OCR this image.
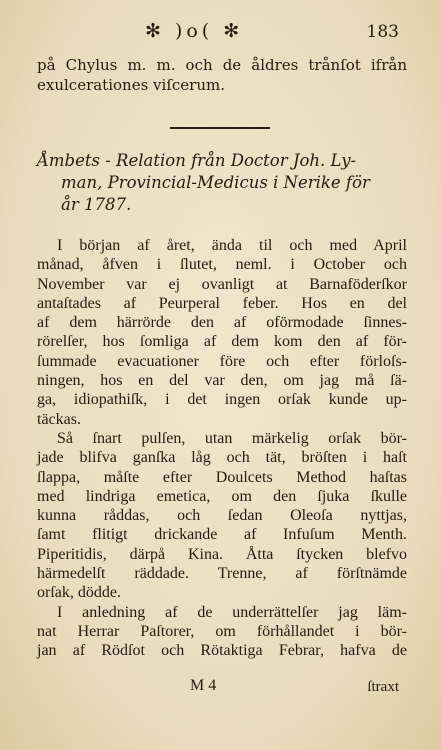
✻ )o( ✻	183
på Chylus m. m. och de åldres trånſot ifrån
exulcerationes viſcerum.
Åmbets - Relation från Doctor Joh. Ly-
man, Provincial-Medicus i Nerike för
år 1787.
I början af året, ända til och med April
månad, åfven i ſlutet, neml. i October och
November var ej ovanligt at Barnaföderſkor
antaſtades af Peurperal feber. Hos en del
af dem härrörde den af oförmodade ſinnes-
rörelſer, hos ſomliga af dem kom den af för-
ſummade evacuationer före och efter förloſs-
ningen, hos en del var den, om jag må ſä-
ga, idiopathiſk, i det ingen orſak kunde up-
täckas.
Så ſnart pulſen, utan märkelig orſak bör-
jade blifva ganſka låg och tät, bröſten i haſt
ſlappa, måſte efter Doulcets Method haſtas
med lindriga emetica, om den ſjuka ſkulle
kunna råddas, och ſedan Oleoſa nyttjas,
ſamt flitigt drickande af Infuſum Menth.
Piperitidis, därpå Kina. Åtta ſtycken blefvo
härmedelſt räddade. Trenne, af förſtnämde
orſak, dödde.
I anledning af de underrättelſer jag läm-
nat Herrar Paſtorer, om förhållandet i bör-
jan af Rödſot och Rötaktiga Febrar, hafva de
M 4	ſtraxt
